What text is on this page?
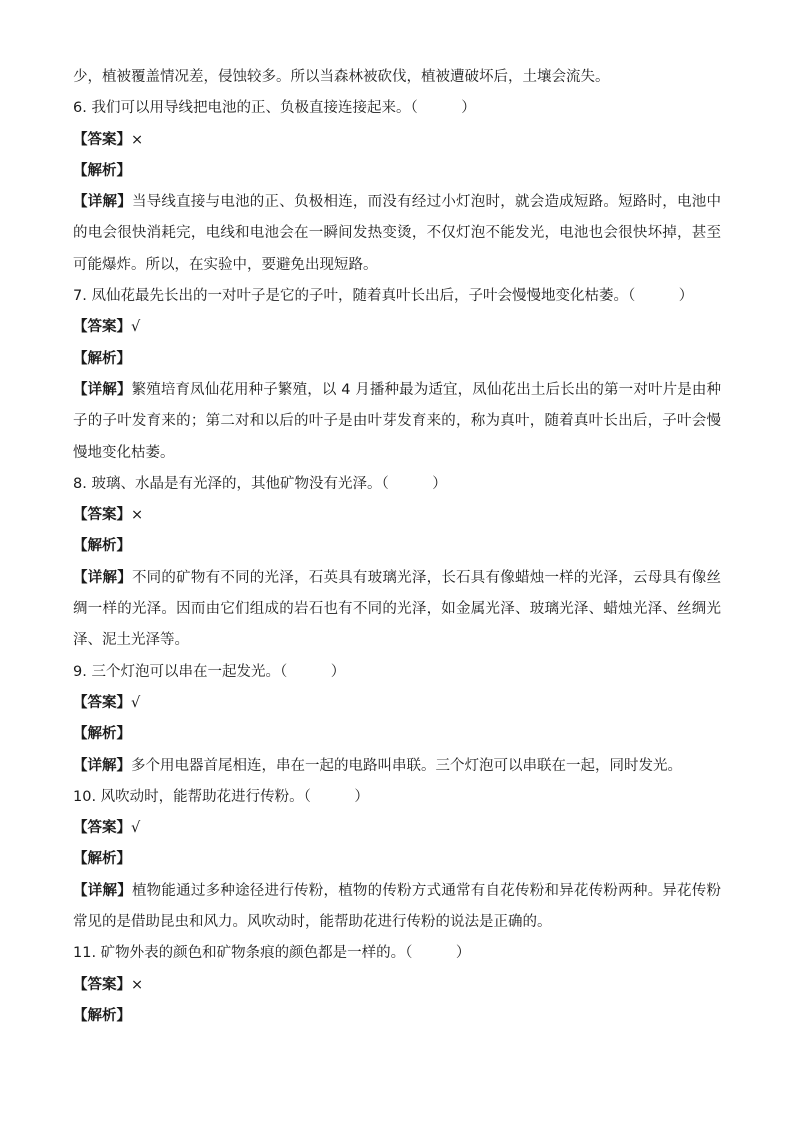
少，植被覆盖情况差，侵蚀较多。所以当森林被砍伐，植被遭破坏后，土壤会流失。
6. 我们可以用导线把电池的正、负极直接连接起来。（　　　）
【答案】×
【解析】

【详解】当导线直接与电池的正、负极相连，而没有经过小灯泡时，就会造成短路。短路时，电池中的电会很快消耗完，电线和电池会在一瞬间发热变烫，不仅灯泡不能发光，电池也会很快坏掉，甚至可能爆炸。所以，在实验中，要避免出现短路。

7. 凤仙花最先长出的一对叶子是它的子叶，随着真叶长出后，子叶会慢慢地变化枯萎。（　　　）
【答案】√
【解析】

【详解】繁殖培育凤仙花用种子繁殖，以 4 月播种最为适宜，凤仙花出土后长出的第一对叶片是由种子的子叶发育来的；第二对和以后的叶子是由叶芽发育来的，称为真叶，随着真叶长出后，子叶会慢慢地变化枯萎。

8. 玻璃、水晶是有光泽的，其他矿物没有光泽。（　　　）
【答案】×
【解析】

【详解】不同的矿物有不同的光泽，石英具有玻璃光泽，长石具有像蜡烛一样的光泽，云母具有像丝绸一样的光泽。因而由它们组成的岩石也有不同的光泽，如金属光泽、玻璃光泽、蜡烛光泽、丝绸光泽、泥土光泽等。

9. 三个灯泡可以串在一起发光。（　　　）
【答案】√
【解析】

【详解】多个用电器首尾相连，串在一起的电路叫串联。三个灯泡可以串联在一起，同时发光。

10. 风吹动时，能帮助花进行传粉。（　　　）
【答案】√
【解析】

【详解】植物能通过多种途径进行传粉，植物的传粉方式通常有自花传粉和异花传粉两种。异花传粉常见的是借助昆虫和风力。风吹动时，能帮助花进行传粉的说法是正确的。

11. 矿物外表的颜色和矿物条痕的颜色都是一样的。（　　　）
【答案】×
【解析】
